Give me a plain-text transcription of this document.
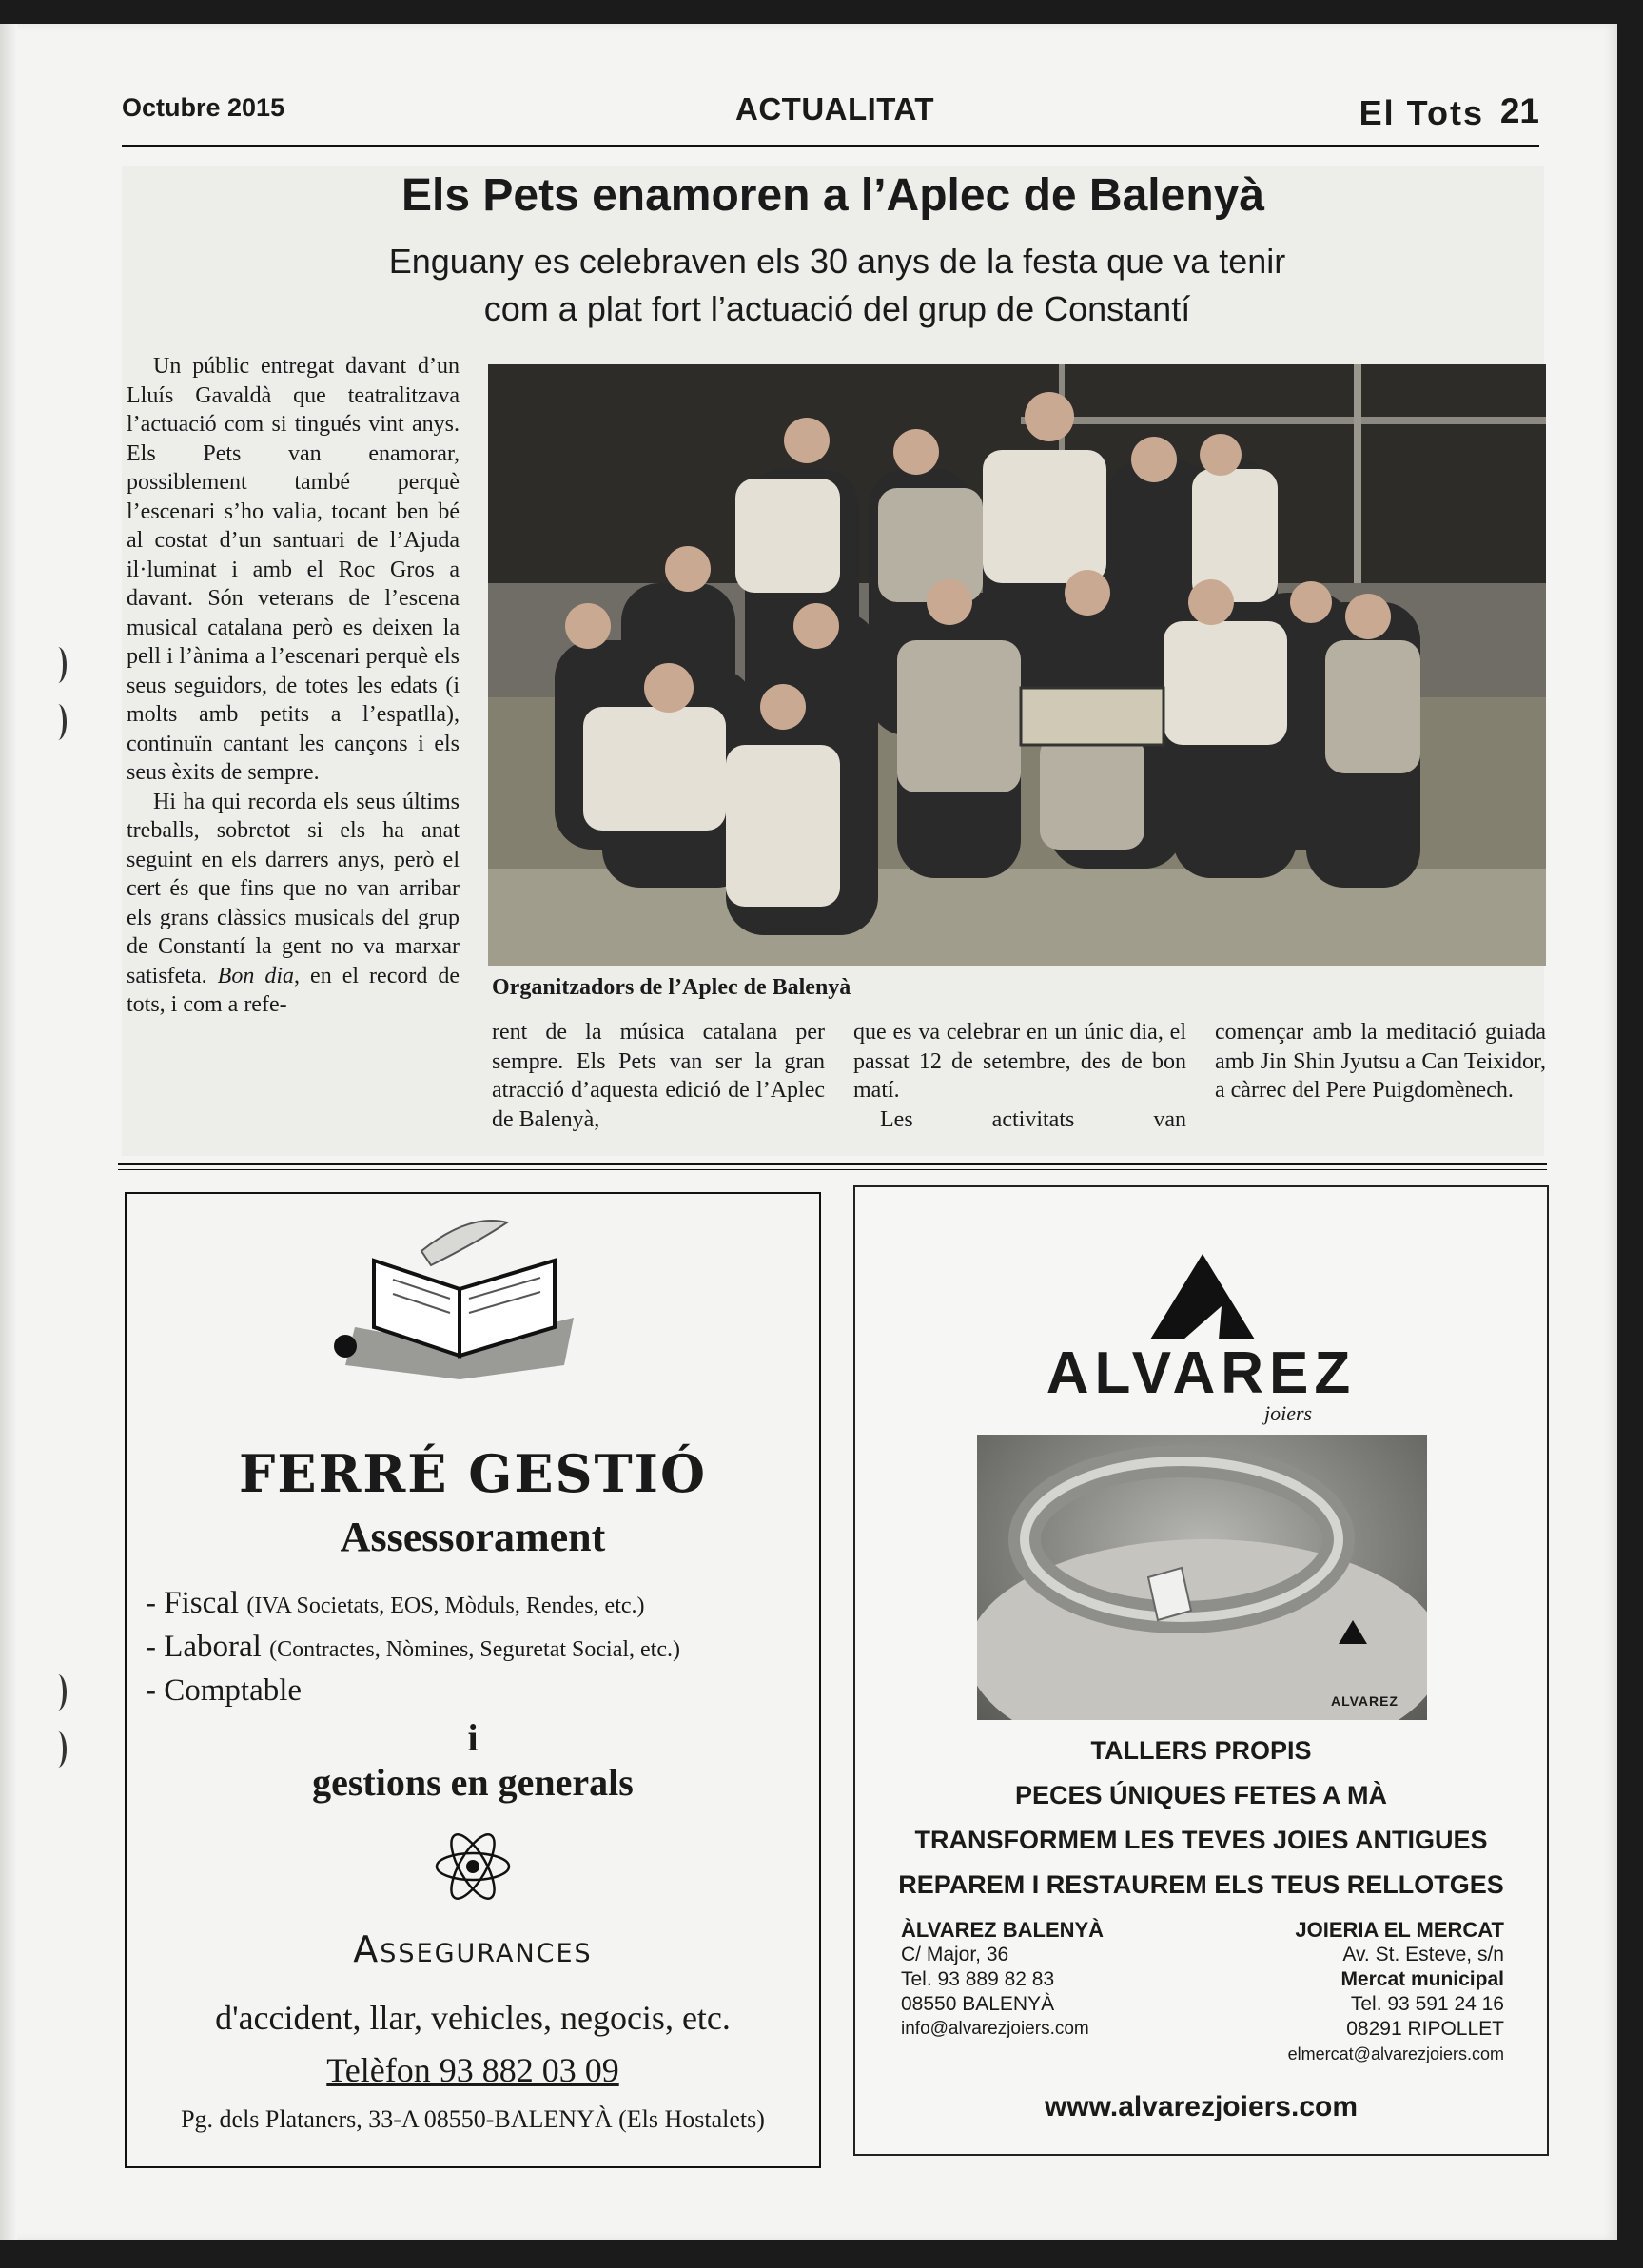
Octubre 2015	ACTUALITAT	El Tots 21
Els Pets enamoren a l’Aplec de Balenyà
Enguany es celebraven els 30 anys de la festa que va tenir
com a plat fort l’actuació del grup de Constantí

Un públic entregat davant d’un Lluís Gavaldà que teatralitzava l’actuació com si tingués vint anys. Els Pets van enamorar, possiblement també perquè l’escenari s’ho valia, tocant ben bé al costat d’un santuari de l’Ajuda il·luminat i amb el Roc Gros a davant. Són veterans de l’escena musical catalana però es deixen la pell i l’ànima a l’escenari perquè els seus seguidors, de totes les edats (i molts amb petits a l’espatlla), continuïn cantant les cançons i els seus èxits de sempre.

Hi ha qui recorda els seus últims treballs, sobretot si els ha anat seguint en els darrers anys, però el cert és que fins que no van arribar els grans clàssics musicals del grup de Constantí la gent no va marxar satisfeta. Bon dia, en el record de tots, i com a refe-

Organitzadors de l’Aplec de Balenyà

rent de la música catalana per sempre. Els Pets van ser la gran atracció d’aquesta edició de l’Aplec de Balenyà,

que es va celebrar en un únic dia, el passat 12 de setembre, des de bon matí.

Les activitats van

començar amb la meditació guiada amb Jin Shin Jyutsu a Can Teixidor, a càrrec del Pere Puigdomènech.

FERRÉ GESTIÓ
Assessorament
- Fiscal (IVA Societats, EOS, Mòduls, Rendes, etc.)
- Laboral (Contractes, Nòmines, Seguretat Social, etc.)
- Comptable
i
gestions en generals
Assegurances
d'accident, llar, vehicles, negocis, etc.
Telèfon 93 882 03 09
Pg. dels Plataners, 33-A 08550-BALENYÀ (Els Hostalets)
ALVAREZ
joiers
ALVAREZ
TALLERS PROPIS
PECES ÚNIQUES FETES A MÀ
TRANSFORMEM LES TEVES JOIES ANTIGUES
REPAREM I RESTAUREM ELS TEUS RELLOTGES
ÀLVAREZ BALENYÀ
C/ Major, 36
Tel. 93 889 82 83
08550 BALENYÀ
info@alvarezjoiers.com
JOIERIA EL MERCAT
Av. St. Esteve, s/n
Mercat municipal
Tel. 93 591 24 16
08291 RIPOLLET
elmercat@alvarezjoiers.com
www.alvarezjoiers.com
